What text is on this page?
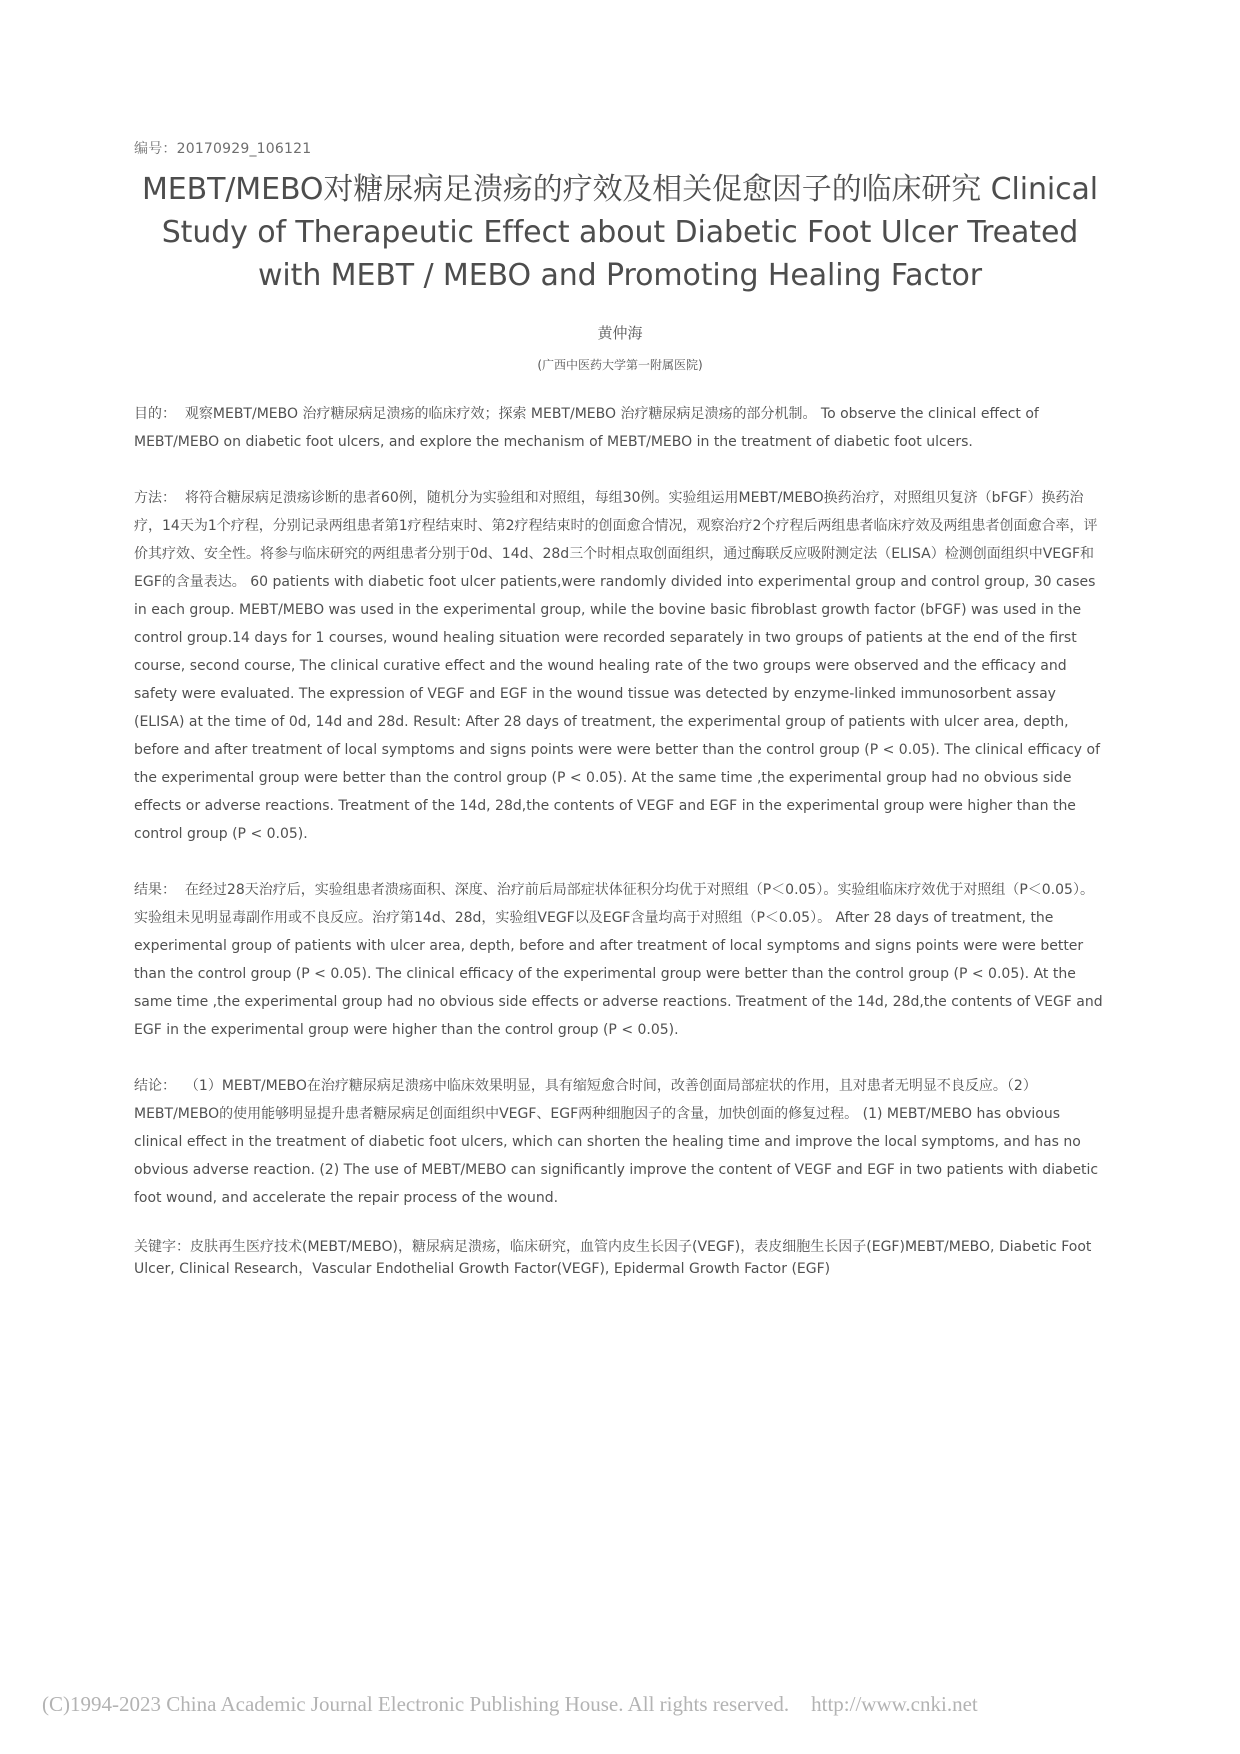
编号：20170929_106121
MEBT/MEBO对糖尿病足溃疡的疗效及相关促愈因子的临床研究 Clinical Study of Therapeutic Effect about Diabetic Foot Ulcer Treated with MEBT / MEBO and Promoting Healing Factor
黄仲海
(广西中医药大学第一附属医院)
目的： 观察MEBT/MEBO 治疗糖尿病足溃疡的临床疗效；探索 MEBT/MEBO 治疗糖尿病足溃疡的部分机制。 To observe the clinical effect of MEBT/MEBO on diabetic foot ulcers, and explore the mechanism of MEBT/MEBO in the treatment of diabetic foot ulcers.
方法： 将符合糖尿病足溃疡诊断的患者60例，随机分为实验组和对照组，每组30例。实验组运用MEBT/MEBO换药治疗，对照组贝复济（bFGF）换药治疗，14天为1个疗程，分别记录两组患者第1疗程结束时、第2疗程结束时的创面愈合情况，观察治疗2个疗程后两组患者临床疗效及两组患者创面愈合率，评价其疗效、安全性。将参与临床研究的两组患者分别于0d、14d、28d三个时相点取创面组织，通过酶联反应吸附测定法（ELISA）检测创面组织中VEGF和EGF的含量表达。 60 patients with diabetic foot ulcer patients,were randomly divided into experimental group and control group, 30 cases in each group. MEBT/MEBO was used in the experimental group, while the bovine basic fibroblast growth factor (bFGF) was used in the control group.14 days for 1 courses, wound healing situation were recorded separately in two groups of patients at the end of the first course, second course, The clinical curative effect and the wound healing rate of the two groups were observed and the efficacy and safety were evaluated. The expression of VEGF and EGF in the wound tissue was detected by enzyme-linked immunosorbent assay (ELISA) at the time of 0d, 14d and 28d. Result: After 28 days of treatment, the experimental group of patients with ulcer area, depth, before and after treatment of local symptoms and signs points were were better than the control group (P < 0.05). The clinical efficacy of the experimental group were better than the control group (P < 0.05). At the same time ,the experimental group had no obvious side effects or adverse reactions. Treatment of the 14d, 28d,the contents of VEGF and EGF in the experimental group were higher than the control group (P < 0.05).
结果： 在经过28天治疗后，实验组患者溃疡面积、深度、治疗前后局部症状体征积分均优于对照组（P＜0.05）。实验组临床疗效优于对照组（P＜0.05）。实验组未见明显毒副作用或不良反应。治疗第14d、28d，实验组VEGF以及EGF含量均高于对照组（P＜0.05）。 After 28 days of treatment, the experimental group of patients with ulcer area, depth, before and after treatment of local symptoms and signs points were were better than the control group (P < 0.05). The clinical efficacy of the experimental group were better than the control group (P < 0.05). At the same time ,the experimental group had no obvious side effects or adverse reactions. Treatment of the 14d, 28d,the contents of VEGF and EGF in the experimental group were higher than the control group (P < 0.05).
结论： （1）MEBT/MEBO在治疗糖尿病足溃疡中临床效果明显，具有缩短愈合时间，改善创面局部症状的作用，且对患者无明显不良反应。（2）MEBT/MEBO的使用能够明显提升患者糖尿病足创面组织中VEGF、EGF两种细胞因子的含量，加快创面的修复过程。 (1) MEBT/MEBO has obvious clinical effect in the treatment of diabetic foot ulcers, which can shorten the healing time and improve the local symptoms, and has no obvious adverse reaction. (2) The use of MEBT/MEBO can significantly improve the content of VEGF and EGF in two patients with diabetic foot wound, and accelerate the repair process of the wound.
关键字：皮肤再生医疗技术(MEBT/MEBO)，糖尿病足溃疡，临床研究，血管内皮生长因子(VEGF)，表皮细胞生长因子(EGF)MEBT/MEBO, Diabetic Foot Ulcer, Clinical Research，Vascular Endothelial Growth Factor(VEGF), Epidermal Growth Factor (EGF)
(C)1994-2023 China Academic Journal Electronic Publishing House. All rights reserved. http://www.cnki.net
